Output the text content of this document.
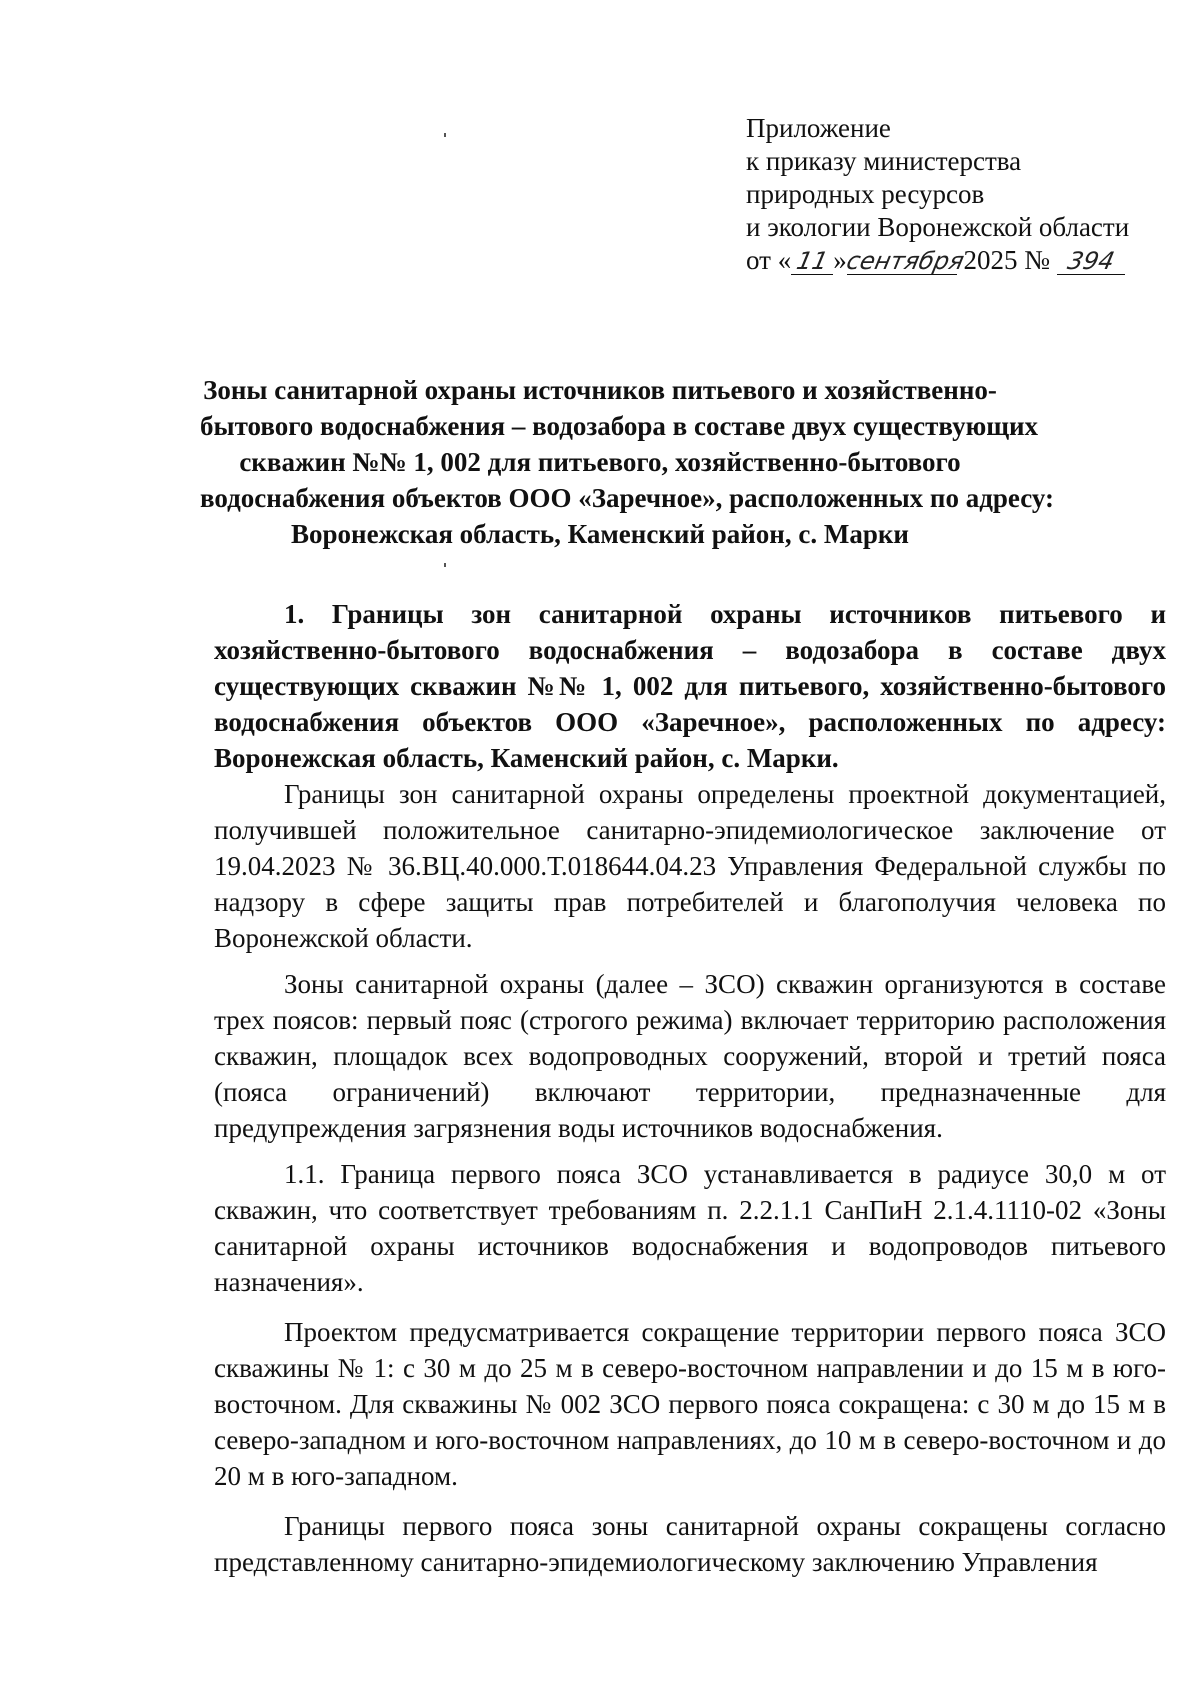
Приложение
к приказу министерства
природных ресурсов
и экологии Воронежской области
от « 11
»сентября
2025 № 394
Зоны санитарной охраны источников питьевого и хозяйственно-
бытового водоснабжения – водозабора в составе двух существующих
скважин №№ 1, 002 для питьевого, хозяйственно-бытового
водоснабжения объектов ООО «Заречное», расположенных по адресу:
Воронежская область, Каменский район, с. Марки

1. Границы зон санитарной охраны источников питьевого и хозяйственно-бытового водоснабжения – водозабора в составе двух существующих скважин №№ 1, 002 для питьевого, хозяйственно-бытового водоснабжения объектов ООО «Заречное», расположенных по адресу: Воронежская область, Каменский район, с. Марки.

Границы зон санитарной охраны определены проектной документацией, получившей положительное санитарно-эпидемиологическое заключение от 19.04.2023 № 36.ВЦ.40.000.Т.018644.04.23 Управления Федеральной службы по надзору в сфере защиты прав потребителей и благополучия человека по Воронежской области.

Зоны санитарной охраны (далее – ЗСО) скважин организуются в составе трех поясов: первый пояс (строгого режима) включает территорию расположения скважин, площадок всех водопроводных сооружений, второй и третий пояса (пояса ограничений) включают территории, предназначенные для предупреждения загрязнения воды источников водоснабжения.

1.1. Граница первого пояса ЗСО устанавливается в радиусе 30,0 м от скважин, что соответствует требованиям п. 2.2.1.1 СанПиН 2.1.4.1110-02 «Зоны санитарной охраны источников водоснабжения и водопроводов питьевого назначения».

Проектом предусматривается сокращение территории первого пояса ЗСО скважины № 1: с 30 м до 25 м в северо-восточном направлении и до 15 м в юго-восточном. Для скважины № 002 ЗСО первого пояса сокращена: с 30 м до 15 м в северо-западном и юго-восточном направлениях, до 10 м в северо-восточном и до 20 м в юго-западном.

Границы первого пояса зоны санитарной охраны сокращены согласно представленному санитарно-эпидемиологическому заключению Управления
